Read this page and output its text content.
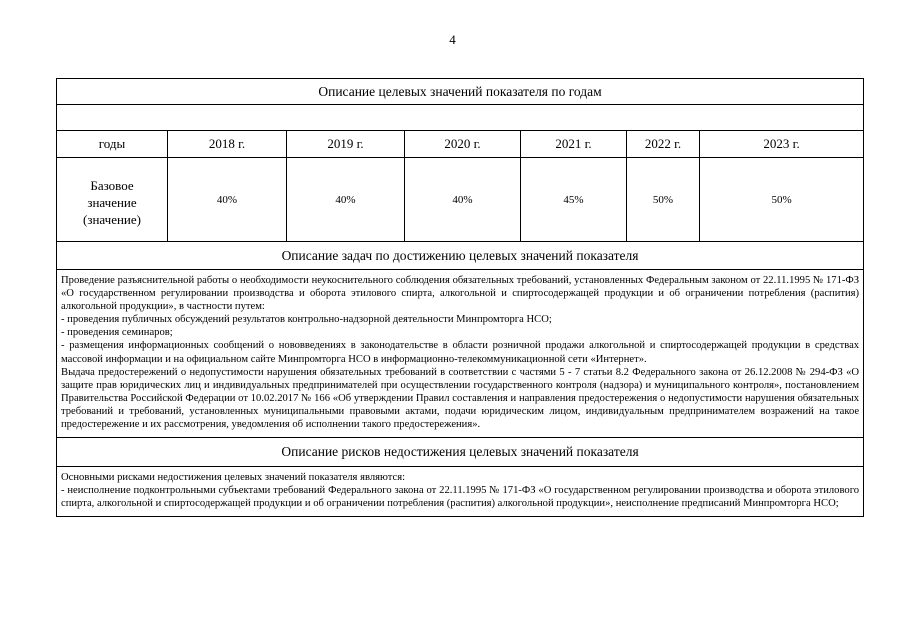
4
Описание целевых значений показателя по годам						

годы	2018 г.	2019 г.	2020 г.	2021 г.	2022 г.	2023 г.

Базовое
значение
(значение)	40%	40%	40%	45%	50%	50%
Описание задач по достижению целевых значений показателя						

Проведение разъяснительной работы о необходимости неукоснительного соблюдения обязательных требований, установленных Федеральным законом от 22.11.1995 № 171-ФЗ «О государственном регулировании производства и оборота этилового спирта, алкогольной и спиртосодержащей продукции и об ограничении потребления (распития) алкогольной продукции», в частности путем:

- проведения публичных обсуждений результатов контрольно-надзорной деятельности Минпромторга НСО;

- проведения семинаров;

- размещения информационных сообщений о нововведениях в законодательстве в области розничной продажи алкогольной и спиртосодержащей продукции в средствах массовой информации и на официальном сайте Минпромторга НСО в информационно-телекоммуникационной сети «Интернет».

Выдача предостережений о недопустимости нарушения обязательных требований в соответствии с частями 5 - 7 статьи 8.2 Федерального закона от 26.12.2008 № 294-ФЗ «О защите прав юридических лиц и индивидуальных предпринимателей при осуществлении государственного контроля (надзора) и муниципального контроля», постановлением Правительства Российской Федерации от 10.02.2017 № 166 «Об утверждении Правил составления и направления предостережения о недопустимости нарушения обязательных требований и требований, установленных муниципальными правовыми актами, подачи юридическим лицом, индивидуальным предпринимателем возражений на такое предостережение и их рассмотрения, уведомления об исполнении такого предостережения».						

Описание рисков недостижения целевых значений показателя						

Основными рисками недостижения целевых значений показателя являются:

- неисполнение подконтрольными субъектами требований Федерального закона от 22.11.1995 № 171-ФЗ «О государственном регулировании производства и оборота этилового спирта, алкогольной и спиртосодержащей продукции и об ограничении потребления (распития) алкогольной продукции», неисполнение предписаний Минпромторга НСО;						
